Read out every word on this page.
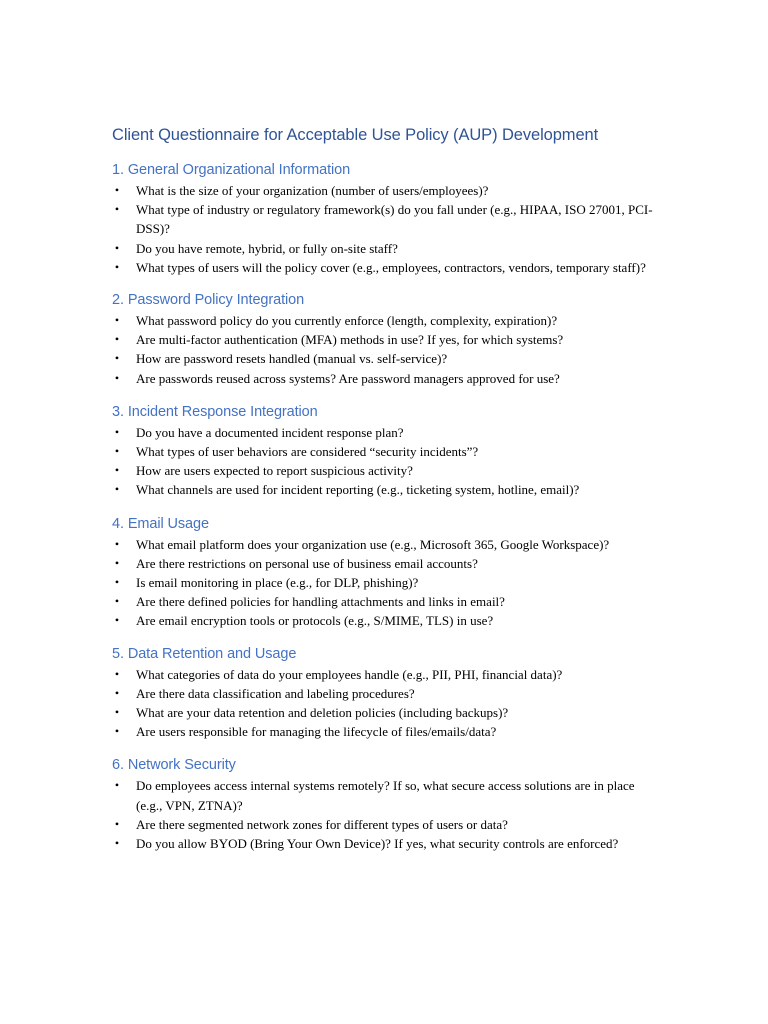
Client Questionnaire for Acceptable Use Policy (AUP) Development
1. General Organizational Information
• What is the size of your organization (number of users/employees)?
• What type of industry or regulatory framework(s) do you fall under (e.g., HIPAA, ISO 27001, PCI-DSS)?
• Do you have remote, hybrid, or fully on-site staff?
• What types of users will the policy cover (e.g., employees, contractors, vendors, temporary staff)?
2. Password Policy Integration
• What password policy do you currently enforce (length, complexity, expiration)?
• Are multi-factor authentication (MFA) methods in use? If yes, for which systems?
• How are password resets handled (manual vs. self-service)?
• Are passwords reused across systems? Are password managers approved for use?
3. Incident Response Integration
• Do you have a documented incident response plan?
• What types of user behaviors are considered “security incidents”?
• How are users expected to report suspicious activity?
• What channels are used for incident reporting (e.g., ticketing system, hotline, email)?
4. Email Usage
• What email platform does your organization use (e.g., Microsoft 365, Google Workspace)?
• Are there restrictions on personal use of business email accounts?
• Is email monitoring in place (e.g., for DLP, phishing)?
• Are there defined policies for handling attachments and links in email?
• Are email encryption tools or protocols (e.g., S/MIME, TLS) in use?
5. Data Retention and Usage
• What categories of data do your employees handle (e.g., PII, PHI, financial data)?
• Are there data classification and labeling procedures?
• What are your data retention and deletion policies (including backups)?
• Are users responsible for managing the lifecycle of files/emails/data?
6. Network Security
• Do employees access internal systems remotely? If so, what secure access solutions are in place (e.g., VPN, ZTNA)?
• Are there segmented network zones for different types of users or data?
• Do you allow BYOD (Bring Your Own Device)? If yes, what security controls are enforced?
